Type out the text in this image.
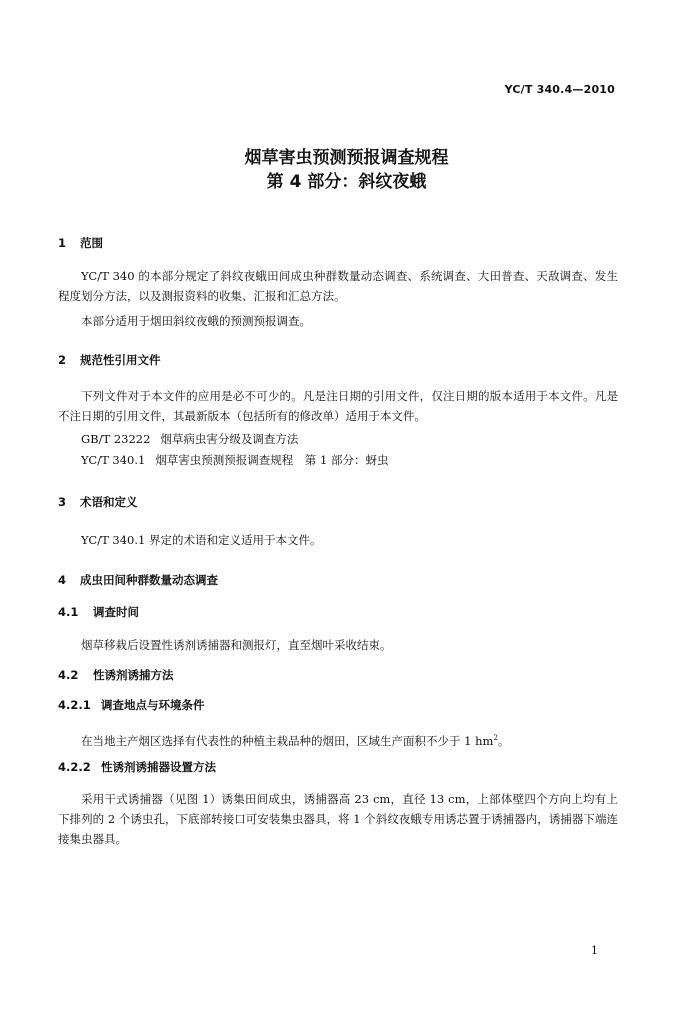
YC/T 340.4—2010
烟草害虫预测预报调查规程
第 4 部分：斜纹夜蛾
1 范围
YC/T 340 的本部分规定了斜纹夜蛾田间成虫种群数量动态调查、系统调查、大田普查、天敌调查、发生程度划分方法，以及测报资料的收集、汇报和汇总方法。
本部分适用于烟田斜纹夜蛾的预测预报调查。
2 规范性引用文件
下列文件对于本文件的应用是必不可少的。凡是注日期的引用文件，仅注日期的版本适用于本文件。凡是不注日期的引用文件，其最新版本（包括所有的修改单）适用于本文件。
GB/T 23222 烟草病虫害分级及调查方法
YC/T 340.1 烟草害虫预测预报调查规程　第 1 部分：蚜虫
3 术语和定义
YC/T 340.1 界定的术语和定义适用于本文件。
4 成虫田间种群数量动态调查
4.1 调查时间
烟草移栽后设置性诱剂诱捕器和测报灯，直至烟叶采收结束。
4.2 性诱剂诱捕方法
4.2.1 调查地点与环境条件
在当地主产烟区选择有代表性的种植主栽品种的烟田，区域生产面积不少于 1 $hm^2$。
4.2.2 性诱剂诱捕器设置方法
采用干式诱捕器（见图 1）诱集田间成虫，诱捕器高 23 cm，直径 13 cm，上部体壁四个方向上均有上下排列的 2 个诱虫孔，下底部转接口可安装集虫器具，将 1 个斜纹夜蛾专用诱芯置于诱捕器内，诱捕器下端连接集虫器具。
1
